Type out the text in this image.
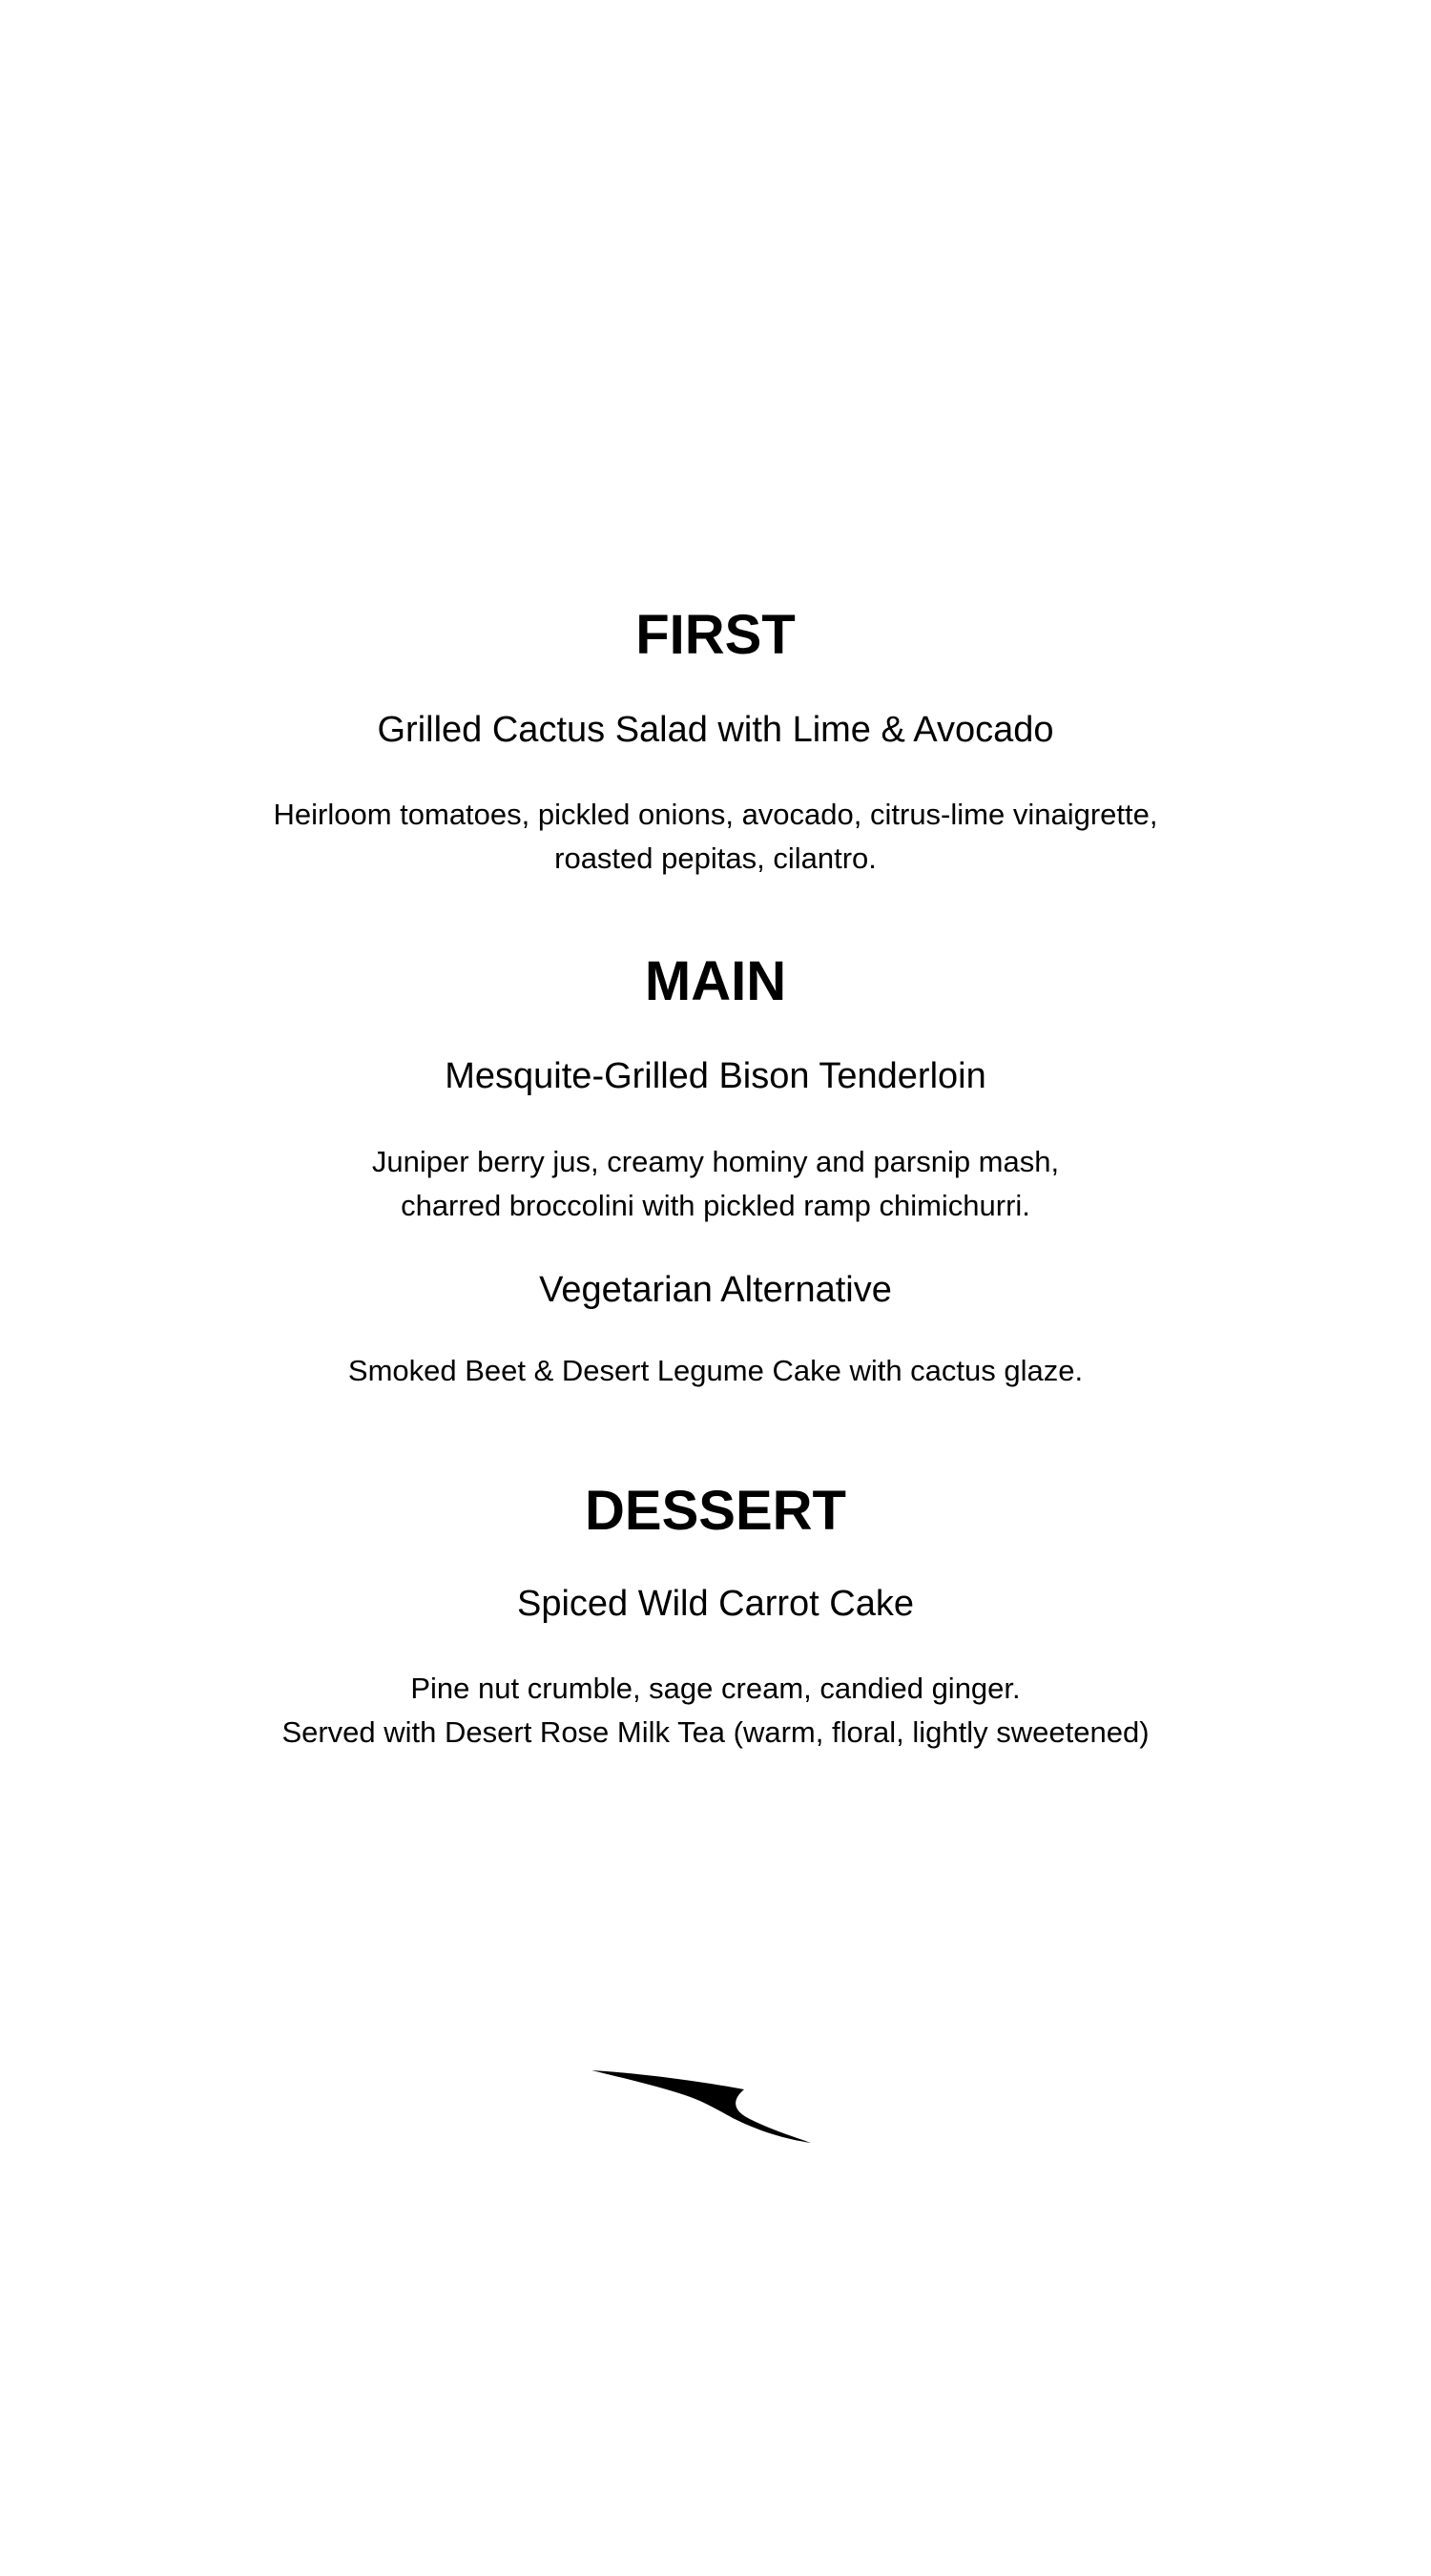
FIRST
Grilled Cactus Salad with Lime & Avocado

Heirloom tomatoes, pickled onions, avocado, citrus-lime vinaigrette,

roasted pepitas, cilantro.

MAIN
Mesquite-Grilled Bison Tenderloin

Juniper berry jus, creamy hominy and parsnip mash,

charred broccolini with pickled ramp chimichurri.

Vegetarian Alternative

Smoked Beet & Desert Legume Cake with cactus glaze.

DESSERT
Spiced Wild Carrot Cake

Pine nut crumble, sage cream, candied ginger.

Served with Desert Rose Milk Tea (warm, floral, lightly sweetened)
